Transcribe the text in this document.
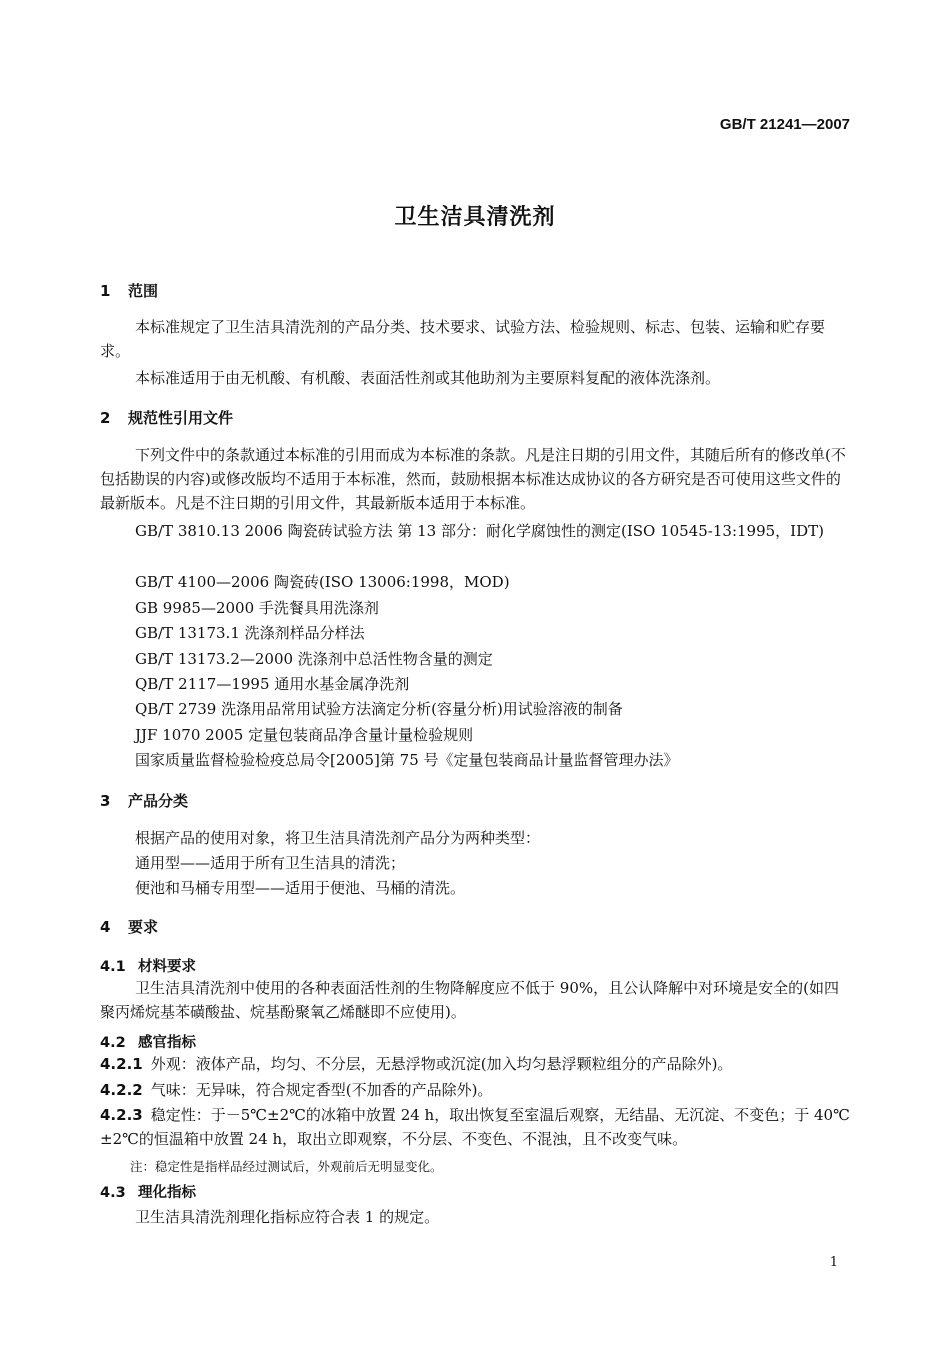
GB/T 21241—2007
卫生洁具清洗剂
1 范围
本标准规定了卫生洁具清洗剂的产品分类、技术要求、试验方法、检验规则、标志、包装、运输和贮存要求。
本标准适用于由无机酸、有机酸、表面活性剂或其他助剂为主要原料复配的液体洗涤剂。
2 规范性引用文件
下列文件中的条款通过本标准的引用而成为本标准的条款。凡是注日期的引用文件，其随后所有的修改单(不包括勘误的内容)或修改版均不适用于本标准，然而，鼓励根据本标准达成协议的各方研究是否可使用这些文件的最新版本。凡是不注日期的引用文件，其最新版本适用于本标准。
GB/T 3810.13 2006 陶瓷砖试验方法 第 13 部分：耐化学腐蚀性的测定(ISO 10545-13:1995，IDT)
GB/T 4100—2006 陶瓷砖(ISO 13006:1998，MOD)
GB 9985—2000 手洗餐具用洗涤剂
GB/T 13173.1 洗涤剂样品分样法
GB/T 13173.2—2000 洗涤剂中总活性物含量的测定
QB/T 2117—1995 通用水基金属净洗剂
QB/T 2739 洗涤用品常用试验方法滴定分析(容量分析)用试验溶液的制备
JJF 1070 2005 定量包装商品净含量计量检验规则
国家质量监督检验检疫总局令[2005]第 75 号《定量包装商品计量监督管理办法》
3 产品分类
根据产品的使用对象，将卫生洁具清洗剂产品分为两种类型：
通用型——适用于所有卫生洁具的清洗；
便池和马桶专用型——适用于便池、马桶的清洗。
4 要求
4.1 材料要求
卫生洁具清洗剂中使用的各种表面活性剂的生物降解度应不低于 90%，且公认降解中对环境是安全的(如四聚丙烯烷基苯磺酸盐、烷基酚聚氧乙烯醚即不应使用)。
4.2 感官指标
4.2.1 外观：液体产品，均匀、不分层，无悬浮物或沉淀(加入均匀悬浮颗粒组分的产品除外)。
4.2.2 气味：无异味，符合规定香型(不加香的产品除外)。
4.2.3 稳定性：于－5℃±2℃的冰箱中放置 24 h，取出恢复至室温后观察，无结晶、无沉淀、不变色；于 40℃±2℃的恒温箱中放置 24 h，取出立即观察，不分层、不变色、不混浊，且不改变气味。
注：稳定性是指样品经过测试后，外观前后无明显变化。
4.3 理化指标
卫生洁具清洗剂理化指标应符合表 1 的规定。
1
